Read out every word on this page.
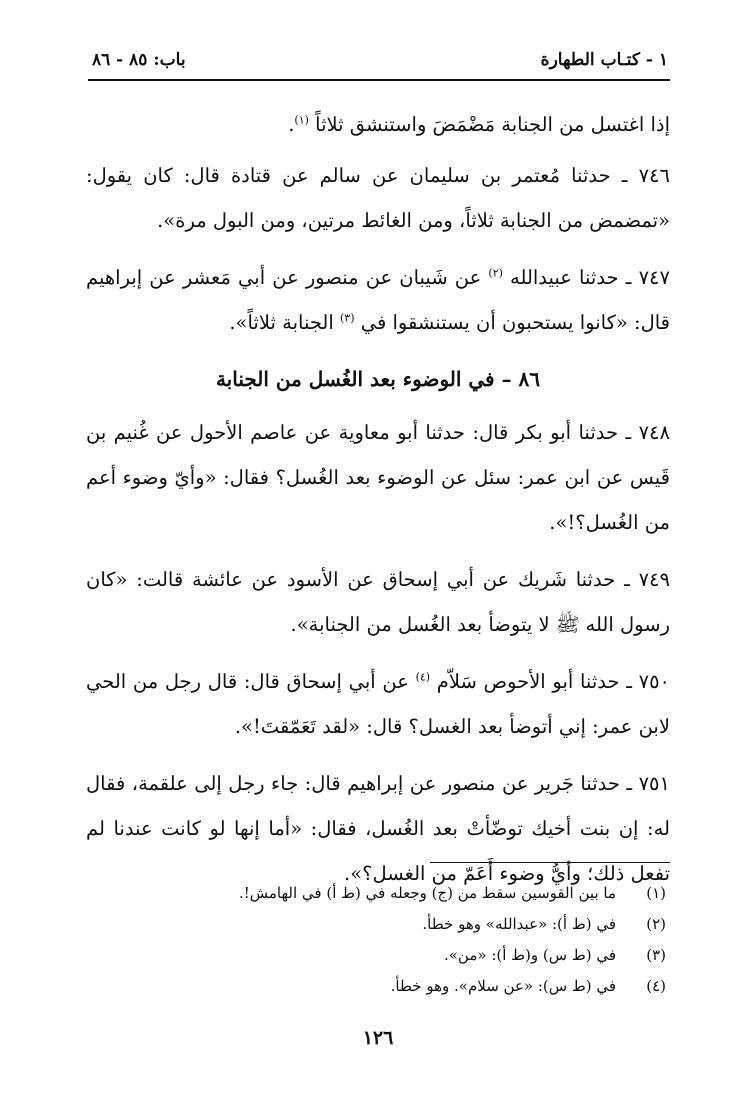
١ - كتـاب الطهارة
باب: ٨٥ - ٨٦

إذا اغتسل من الجنابة مَضْمَضَ واستنشق ثلاثاً $^{(١)}$.

٧٤٦ ـ حدثنا مُعتمر بن سليمان عن سالم عن قتادة قال: كان يقول: «تمضمض من الجنابة ثلاثاً، ومن الغائط مرتين، ومن البول مرة».

٧٤٧ ـ حدثنا عبيدالله $^{(٢)}$ عن شَيبان عن منصور عن أبي مَعشر عن إبراهيم قال: «كانوا يستحبون أن يستنشقوا في $^{(٣)}$ الجنابة ثلاثاً».

٨٦ – في الوضوء بعد الغُسل من الجنابة

٧٤٨ ـ حدثنا أبو بكر قال: حدثنا أبو معاوية عن عاصم الأحول عن غُنيم بن قَيس عن ابن عمر: سئل عن الوضوء بعد الغُسل؟ فقال: «وأيّ وضوء أعم من الغُسل؟!».

٧٤٩ ـ حدثنا شَريك عن أبي إسحاق عن الأسود عن عائشة قالت: «كان رسول الله ﷺ لا يتوضأ بعد الغُسل من الجنابة».

٧٥٠ ـ حدثنا أبو الأحوص سَلاّم $^{(٤)}$ عن أبي إسحاق قال: قال رجل من الحي لابن عمر: إني أتوضأ بعد الغسل؟ قال: «لقد تَعَمّقتَ!».

٧٥١ ـ حدثنا جَرير عن منصور عن إبراهيم قال: جاء رجل إلى علقمة، فقال له: إن بنت أخيك توضّأتْ بعد الغُسل، فقال: «أما إنها لو كانت عندنا لم تفعل ذلك؛ وأيُّ وضوء أَعَمّ من الغسل؟».

(١)
ما بين القوسين سقط من (ج) وجعله في (ط أ) في الهامش!.
(٢)
في (ط أ): «عبدالله» وهو خطأ.
(٣)
في (ط س) و(ط أ): «من».
(٤)
في (ط س): «عن سلام». وهو خطأ.
١٢٦
